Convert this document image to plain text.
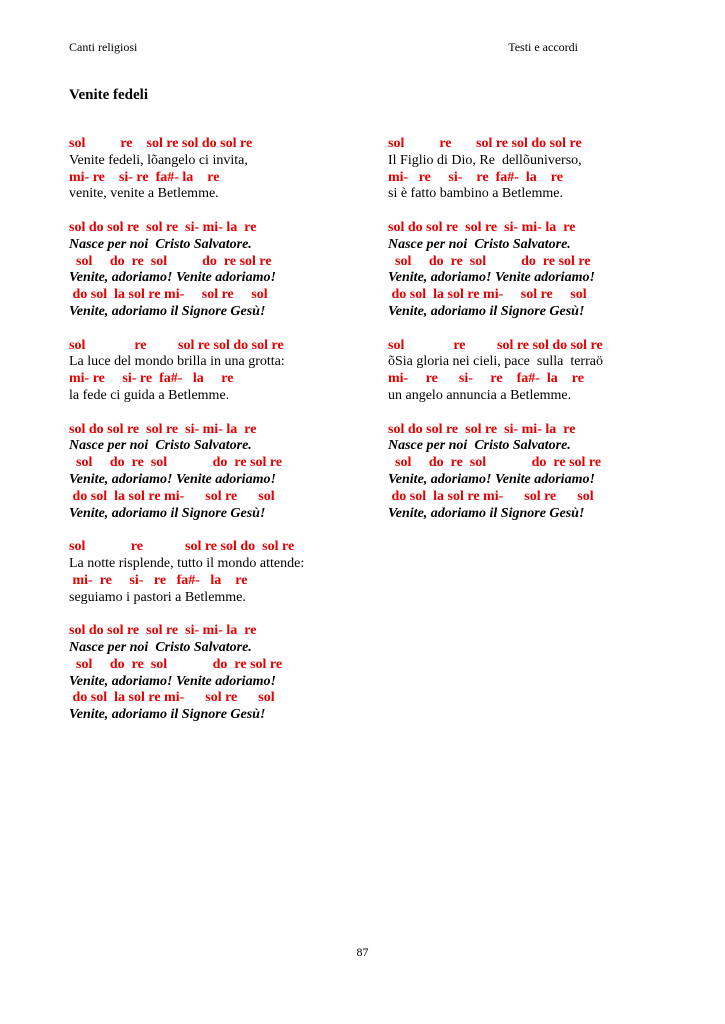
Canti religiosi	Testi e accordi
Venite fedeli
sol          re    sol re sol do sol re
Venite fedeli, lõangelo ci invita,
mi- re    si- re  fa#- la    re
venite, venite a Betlemme.
sol do sol re  sol re  si- mi- la  re
Nasce per noi  Cristo Salvatore.
sol     do  re  sol          do  re sol re
Venite, adoriamo! Venite adoriamo!
do sol  la sol re mi-     sol re     sol
Venite, adoriamo il Signore Gesù!
sol              re         sol re sol do sol re
La luce del mondo brilla in una grotta:
mi- re     si- re  fa#-   la     re
la fede ci guida a Betlemme.
sol do sol re  sol re  si- mi- la  re
Nasce per noi  Cristo Salvatore.
sol     do  re  sol             do  re sol re
Venite, adoriamo! Venite adoriamo!
do sol  la sol re mi-      sol re      sol
Venite, adoriamo il Signore Gesù!
sol             re            sol re sol do  sol re
La notte risplende, tutto il mondo attende:
mi-  re     si-   re   fa#-   la    re
seguiamo i pastori a Betlemme.
sol do sol re  sol re  si- mi- la  re
Nasce per noi  Cristo Salvatore.
sol     do  re  sol             do  re sol re
Venite, adoriamo! Venite adoriamo!
do sol  la sol re mi-      sol re      sol
Venite, adoriamo il Signore Gesù!
sol          re       sol re sol do sol re
Il Figlio di Dio, Re  dellõuniverso,
mi-   re     si-    re  fa#-  la    re
si è fatto bambino a Betlemme.
sol do sol re  sol re  si- mi- la  re
Nasce per noi  Cristo Salvatore.
sol     do  re  sol          do  re sol re
Venite, adoriamo! Venite adoriamo!
do sol  la sol re mi-     sol re     sol
Venite, adoriamo il Signore Gesù!
sol              re         sol re sol do sol re
õSia gloria nei cieli, pace  sulla  terraö
mi-     re      si-     re    fa#-  la    re
un angelo annuncia a Betlemme.
sol do sol re  sol re  si- mi- la  re
Nasce per noi  Cristo Salvatore.
sol     do  re  sol             do  re sol re
Venite, adoriamo! Venite adoriamo!
do sol  la sol re mi-      sol re      sol
Venite, adoriamo il Signore Gesù!
87
